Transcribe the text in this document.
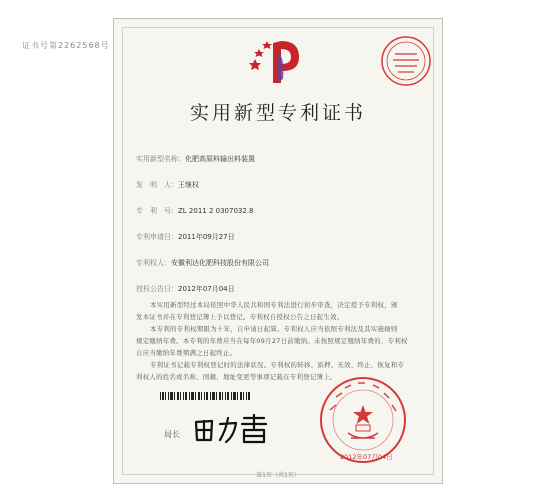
证书号第2262568号
实用新型专利证书
实用新型名称：化肥高原料输出料装置
发　明　人：王继权
专　利　号：ZL 2011 2 0307032.8
专利申请日：2011年09月27日
专利权人：安徽利达化肥科技股份有限公司
授权公告日：2012年07月04日
本实用新型经过本局依照中华人民共和国专利法进行初步审查，决定授予专利权，颁
发本证书并在专利登记簿上予以登记。专利权自授权公告之日起生效。
本专利的专利权期限为十年，自申请日起算。专利权人应当依照专利法及其实施细则
规定缴纳年费。本专利的年费应当在每年09月27日前缴纳。未按照规定缴纳年费的，专利权
自应当缴纳年费期满之日起终止。
专利证书记载专利权登记时的法律状况。专利权的转移、质押、无效、终止、恢复和专
利权人的姓名或名称、国籍、地址变更等事项记载在专利登记簿上。
局长
2012年07月04日
第1页（共1页）
